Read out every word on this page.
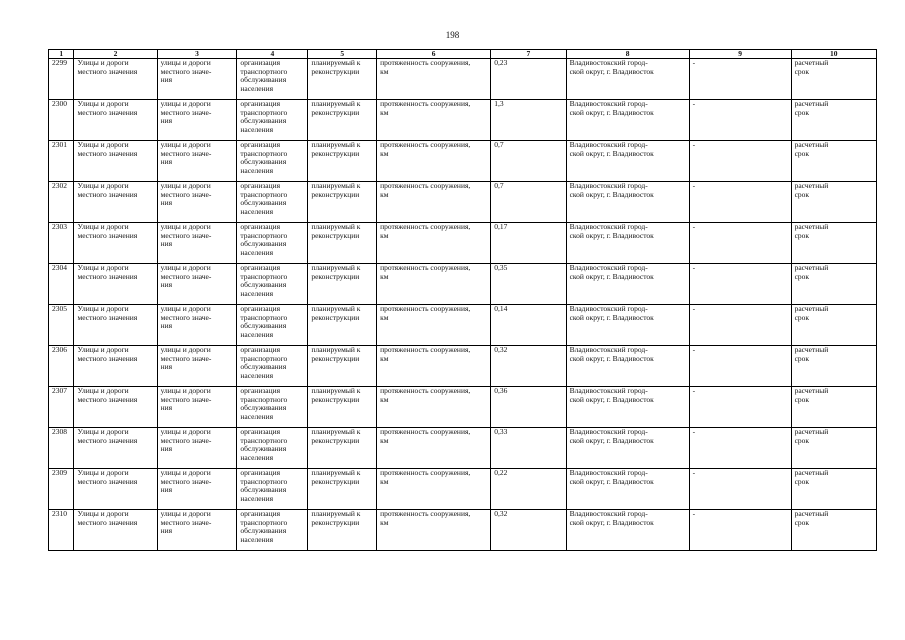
198
1	2	3	4	5	6	7	8	9	10
2299	Улицы и дороги
местного значения	улицы и дороги
местного значе-
ния	организация
транспортного
обслуживания
населения	планируемый к
реконструкции	протяженность сооружения,
км	0,23	Владивостокский город-
ской округ, г. Владивосток	-	расчетный
срок
2300	Улицы и дороги
местного значения	улицы и дороги
местного значе-
ния	организация
транспортного
обслуживания
населения	планируемый к
реконструкции	протяженность сооружения,
км	1,3	Владивостокский город-
ской округ, г. Владивосток	-	расчетный
срок
2301	Улицы и дороги
местного значения	улицы и дороги
местного значе-
ния	организация
транспортного
обслуживания
населения	планируемый к
реконструкции	протяженность сооружения,
км	0,7	Владивостокский город-
ской округ, г. Владивосток	-	расчетный
срок
2302	Улицы и дороги
местного значения	улицы и дороги
местного значе-
ния	организация
транспортного
обслуживания
населения	планируемый к
реконструкции	протяженность сооружения,
км	0,7	Владивостокский город-
ской округ, г. Владивосток	-	расчетный
срок
2303	Улицы и дороги
местного значения	улицы и дороги
местного значе-
ния	организация
транспортного
обслуживания
населения	планируемый к
реконструкции	протяженность сооружения,
км	0,17	Владивостокский город-
ской округ, г. Владивосток	-	расчетный
срок
2304	Улицы и дороги
местного значения	улицы и дороги
местного значе-
ния	организация
транспортного
обслуживания
населения	планируемый к
реконструкции	протяженность сооружения,
км	0,35	Владивостокский город-
ской округ, г. Владивосток	-	расчетный
срок
2305	Улицы и дороги
местного значения	улицы и дороги
местного значе-
ния	организация
транспортного
обслуживания
населения	планируемый к
реконструкции	протяженность сооружения,
км	0,14	Владивостокский город-
ской округ, г. Владивосток	-	расчетный
срок
2306	Улицы и дороги
местного значения	улицы и дороги
местного значе-
ния	организация
транспортного
обслуживания
населения	планируемый к
реконструкции	протяженность сооружения,
км	0,32	Владивостокский город-
ской округ, г. Владивосток	-	расчетный
срок
2307	Улицы и дороги
местного значения	улицы и дороги
местного значе-
ния	организация
транспортного
обслуживания
населения	планируемый к
реконструкции	протяженность сооружения,
км	0,36	Владивостокский город-
ской округ, г. Владивосток	-	расчетный
срок
2308	Улицы и дороги
местного значения	улицы и дороги
местного значе-
ния	организация
транспортного
обслуживания
населения	планируемый к
реконструкции	протяженность сооружения,
км	0,33	Владивостокский город-
ской округ, г. Владивосток	-	расчетный
срок
2309	Улицы и дороги
местного значения	улицы и дороги
местного значе-
ния	организация
транспортного
обслуживания
населения	планируемый к
реконструкции	протяженность сооружения,
км	0,22	Владивостокский город-
ской округ, г. Владивосток	-	расчетный
срок
2310	Улицы и дороги
местного значения	улицы и дороги
местного значе-
ния	организация
транспортного
обслуживания
населения	планируемый к
реконструкции	протяженность сооружения,
км	0,32	Владивостокский город-
ской округ, г. Владивосток	-	расчетный
срок
